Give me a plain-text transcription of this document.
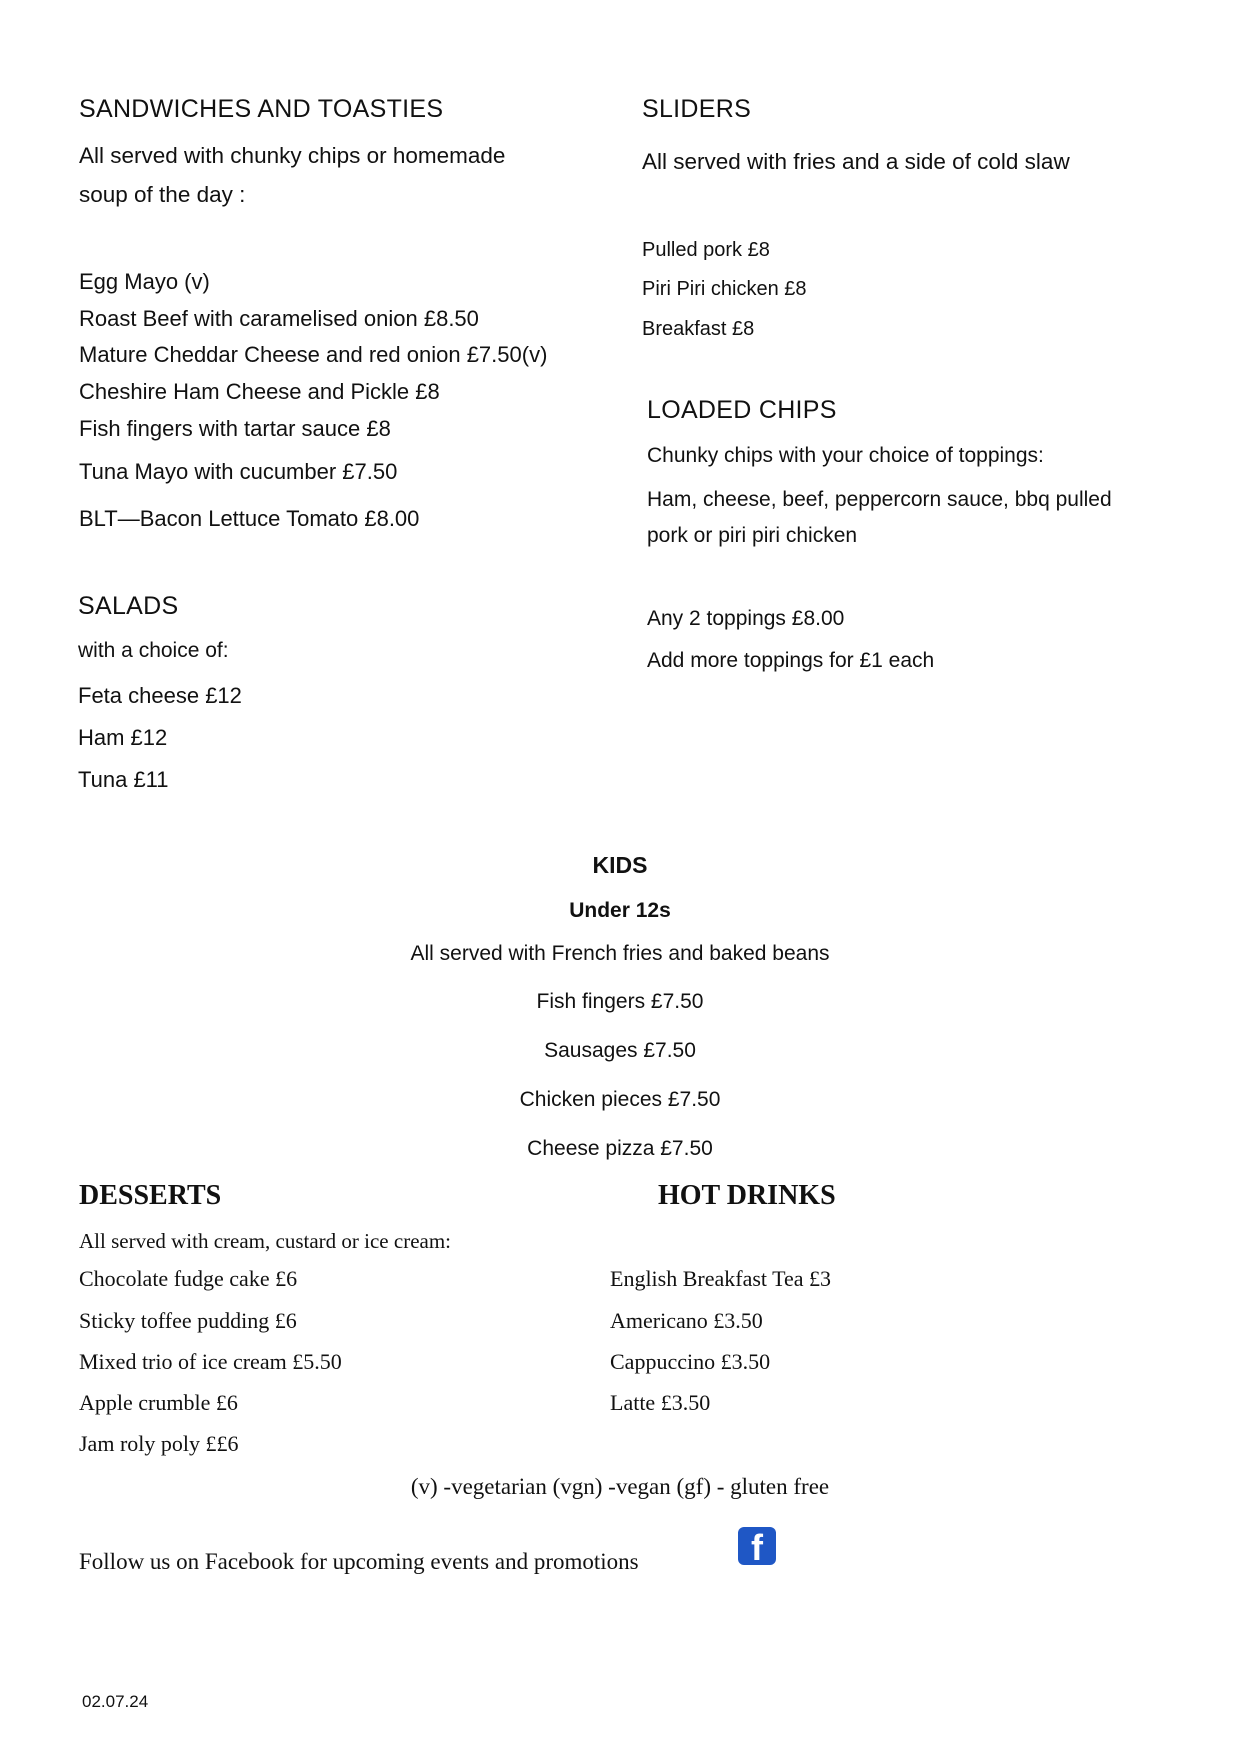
SANDWICHES AND TOASTIES
All served with chunky chips or homemade
soup of the day :
Egg Mayo (v)
Roast Beef with caramelised onion £8.50
Mature Cheddar Cheese and red onion £7.50(v)
Cheshire Ham Cheese and Pickle £8
Fish fingers with tartar sauce £8
Tuna Mayo with cucumber £7.50
BLT—Bacon Lettuce Tomato £8.00
SLIDERS
All served with fries and a side of cold slaw
Pulled pork £8
Piri Piri chicken £8
Breakfast £8
LOADED CHIPS
Chunky chips with your choice of toppings:
Ham, cheese, beef, peppercorn sauce, bbq pulled
pork or piri piri chicken
Any 2 toppings £8.00
Add more toppings for £1 each
SALADS
with a choice of:
Feta cheese £12
Ham £12
Tuna £11
KIDS
Under 12s
All served with French fries and baked beans
Fish fingers £7.50
Sausages £7.50
Chicken pieces £7.50
Cheese pizza £7.50
DESSERTS
All served with cream, custard or ice cream:
Chocolate fudge cake £6
Sticky toffee pudding £6
Mixed trio of ice cream £5.50
Apple crumble £6
Jam roly poly ££6
HOT DRINKS
English Breakfast Tea £3
Americano £3.50
Cappuccino £3.50
Latte £3.50
(v) -vegetarian (vgn) -vegan (gf) - gluten free
Follow us on Facebook for upcoming events and promotions	f
02.07.24
